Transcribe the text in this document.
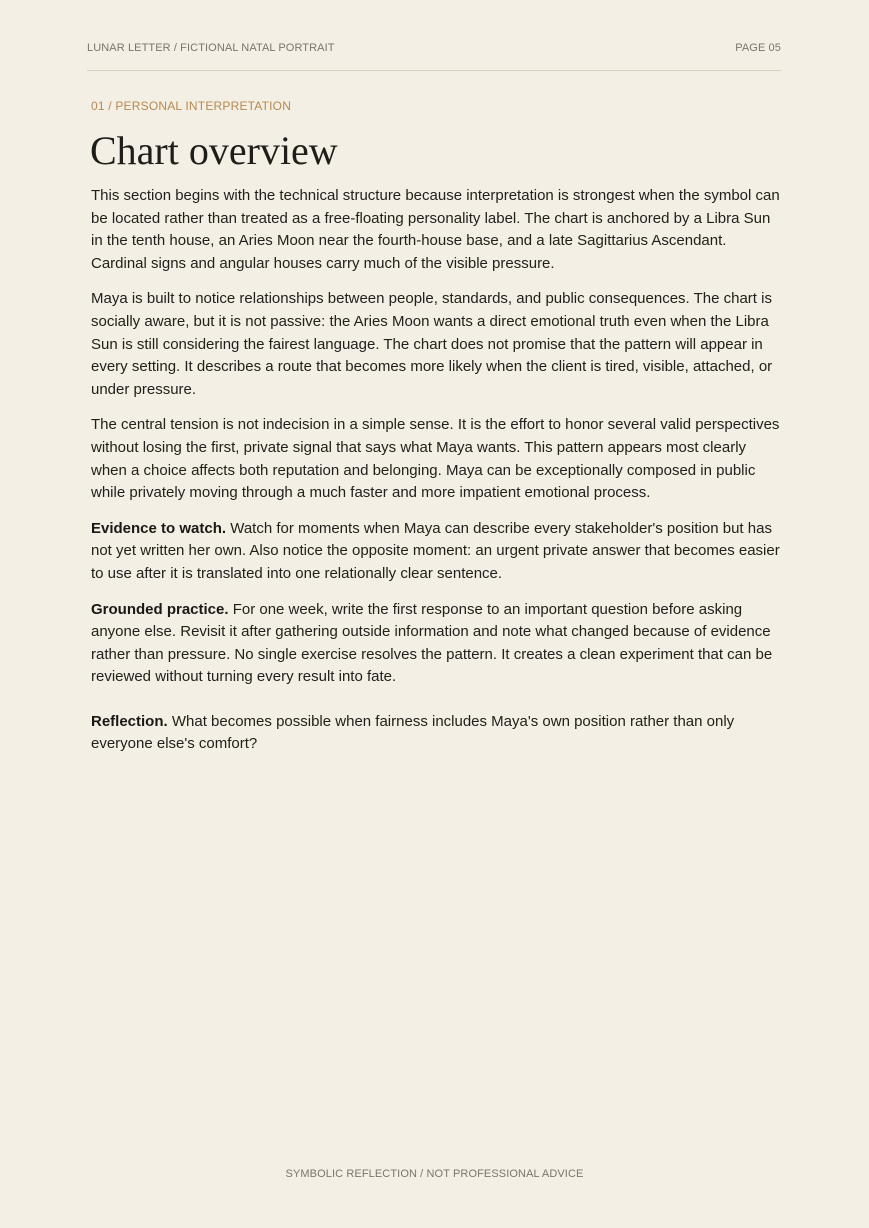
LUNAR LETTER / FICTIONAL NATAL PORTRAIT	PAGE 05
01 / PERSONAL INTERPRETATION
Chart overview

This section begins with the technical structure because interpretation is strongest when the symbol can be located rather than treated as a free-floating personality label. The chart is anchored by a Libra Sun in the tenth house, an Aries Moon near the fourth-house base, and a late Sagittarius Ascendant. Cardinal signs and angular houses carry much of the visible pressure.

Maya is built to notice relationships between people, standards, and public consequences. The chart is socially aware, but it is not passive: the Aries Moon wants a direct emotional truth even when the Libra Sun is still considering the fairest language. The chart does not promise that the pattern will appear in every setting. It describes a route that becomes more likely when the client is tired, visible, attached, or under pressure.

The central tension is not indecision in a simple sense. It is the effort to honor several valid perspectives without losing the first, private signal that says what Maya wants. This pattern appears most clearly when a choice affects both reputation and belonging. Maya can be exceptionally composed in public while privately moving through a much faster and more impatient emotional process.

Evidence to watch. Watch for moments when Maya can describe every stakeholder's position but has not yet written her own. Also notice the opposite moment: an urgent private answer that becomes easier to use after it is translated into one relationally clear sentence.

Grounded practice. For one week, write the first response to an important question before asking anyone else. Revisit it after gathering outside information and note what changed because of evidence rather than pressure. No single exercise resolves the pattern. It creates a clean experiment that can be reviewed without turning every result into fate.

Reflection. What becomes possible when fairness includes Maya's own position rather than only everyone else's comfort?

SYMBOLIC REFLECTION / NOT PROFESSIONAL ADVICE
